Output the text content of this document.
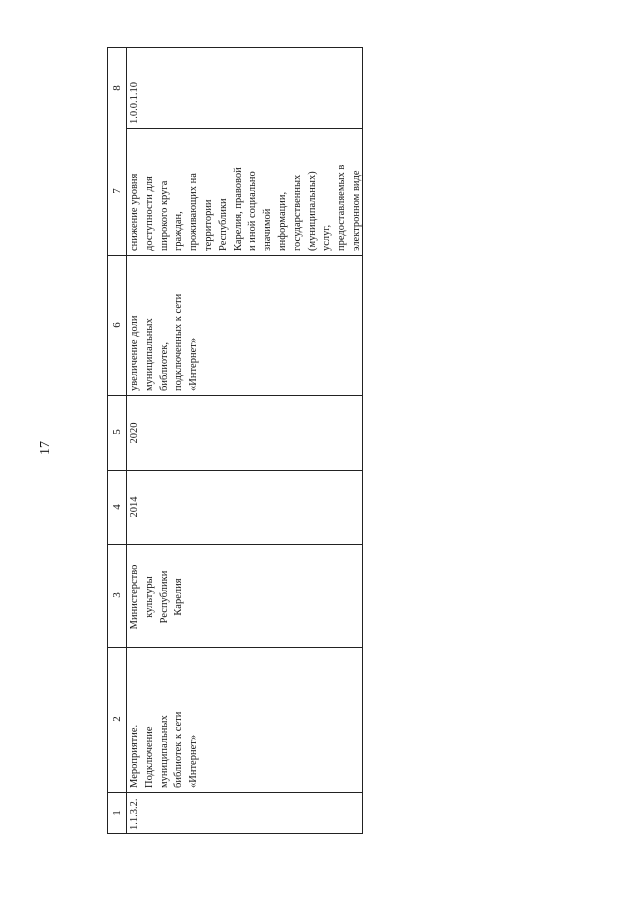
17
1
2
3
4
5
6
7
8
1.1.3.2.
Мероприятие.
Подключение
муниципальных
библиотек к сети
«Интернет»
Министерство
культуры
Республики
Карелия
2014
2020
увеличение доли
муниципальных
библиотек,
подключенных к сети
«Интернет»
снижение уровня
доступности для
широкого круга
граждан,
проживающих на
территории
Республики
Карелия, правовой
и иной социально
значимой
информации,
государственных
(муниципальных)
услуг,
предоставляемых в
электронном виде
1.0.0.1.10
